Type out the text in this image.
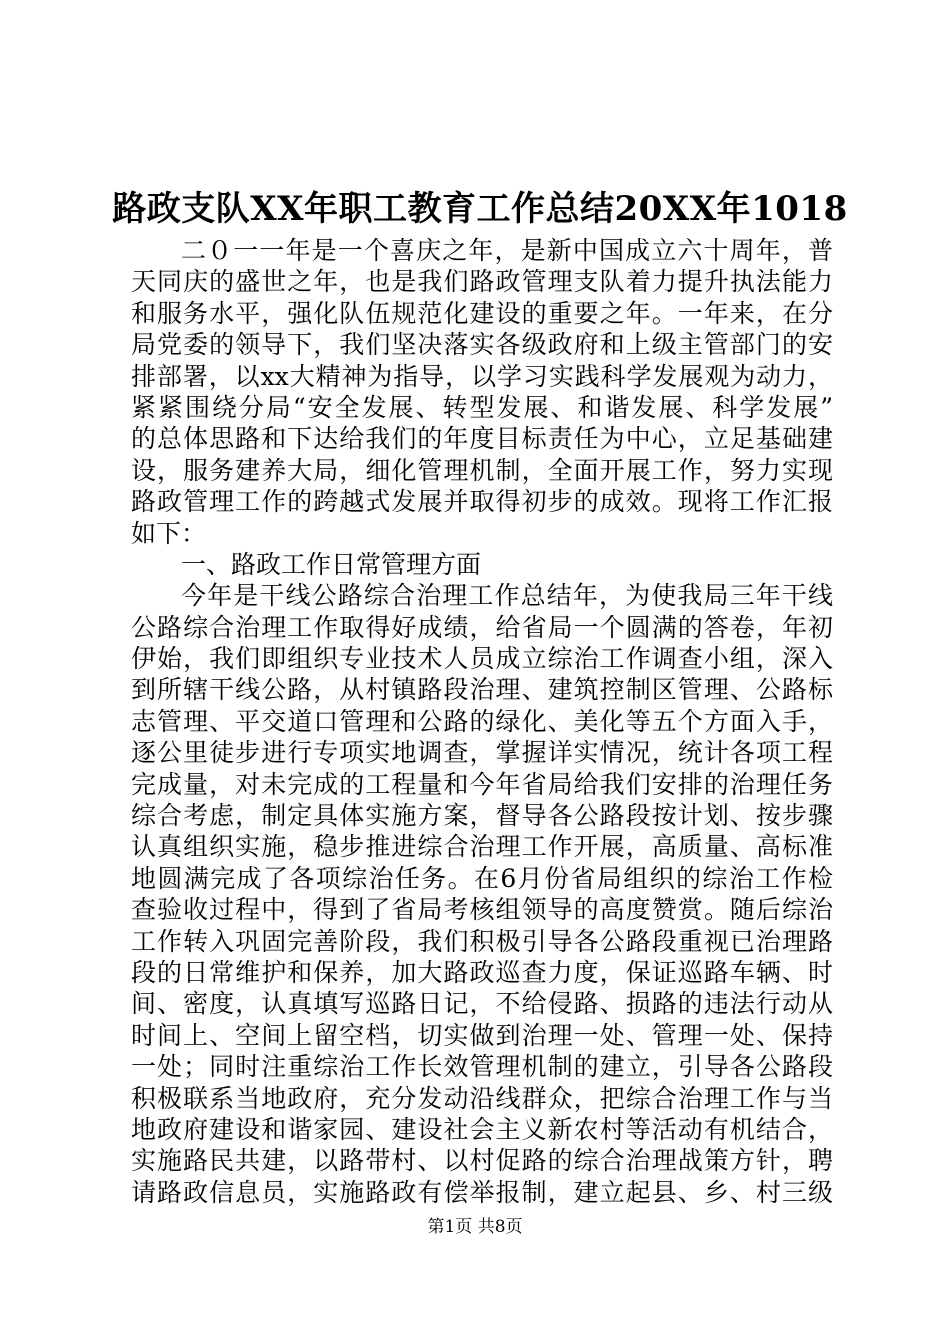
路政支队XX年职工教育工作总结20XX年1018
二０一一年是一个喜庆之年，是新中国成立六十周年，普
天同庆的盛世之年，也是我们路政管理支队着力提升执法能力
和服务水平，强化队伍规范化建设的重要之年。一年来，在分
局党委的领导下，我们坚决落实各级政府和上级主管部门的安
排部署，以xx大精神为指导，以学习实践科学发展观为动力，
紧紧围绕分局“安全发展、转型发展、和谐发展、科学发展”
的总体思路和下达给我们的年度目标责任为中心，立足基础建
设，服务建养大局，细化管理机制，全面开展工作，努力实现
路政管理工作的跨越式发展并取得初步的成效。现将工作汇报
如下：
一、路政工作日常管理方面
今年是干线公路综合治理工作总结年，为使我局三年干线
公路综合治理工作取得好成绩，给省局一个圆满的答卷，年初
伊始，我们即组织专业技术人员成立综治工作调查小组，深入
到所辖干线公路，从村镇路段治理、建筑控制区管理、公路标
志管理、平交道口管理和公路的绿化、美化等五个方面入手，
逐公里徒步进行专项实地调查，掌握详实情况，统计各项工程
完成量，对未完成的工程量和今年省局给我们安排的治理任务
综合考虑，制定具体实施方案，督导各公路段按计划、按步骤
认真组织实施，稳步推进综合治理工作开展，高质量、高标准
地圆满完成了各项综治任务。在6月份省局组织的综治工作检
查验收过程中，得到了省局考核组领导的高度赞赏。随后综治
工作转入巩固完善阶段，我们积极引导各公路段重视已治理路
段的日常维护和保养，加大路政巡查力度，保证巡路车辆、时
间、密度，认真填写巡路日记，不给侵路、损路的违法行动从
时间上、空间上留空档，切实做到治理一处、管理一处、保持
一处；同时注重综治工作长效管理机制的建立，引导各公路段
积极联系当地政府，充分发动沿线群众，把综合治理工作与当
地政府建设和谐家园、建设社会主义新农村等活动有机结合，
实施路民共建，以路带村、以村促路的综合治理战策方针，聘
请路政信息员，实施路政有偿举报制，建立起县、乡、村三级
第1页 共8页
